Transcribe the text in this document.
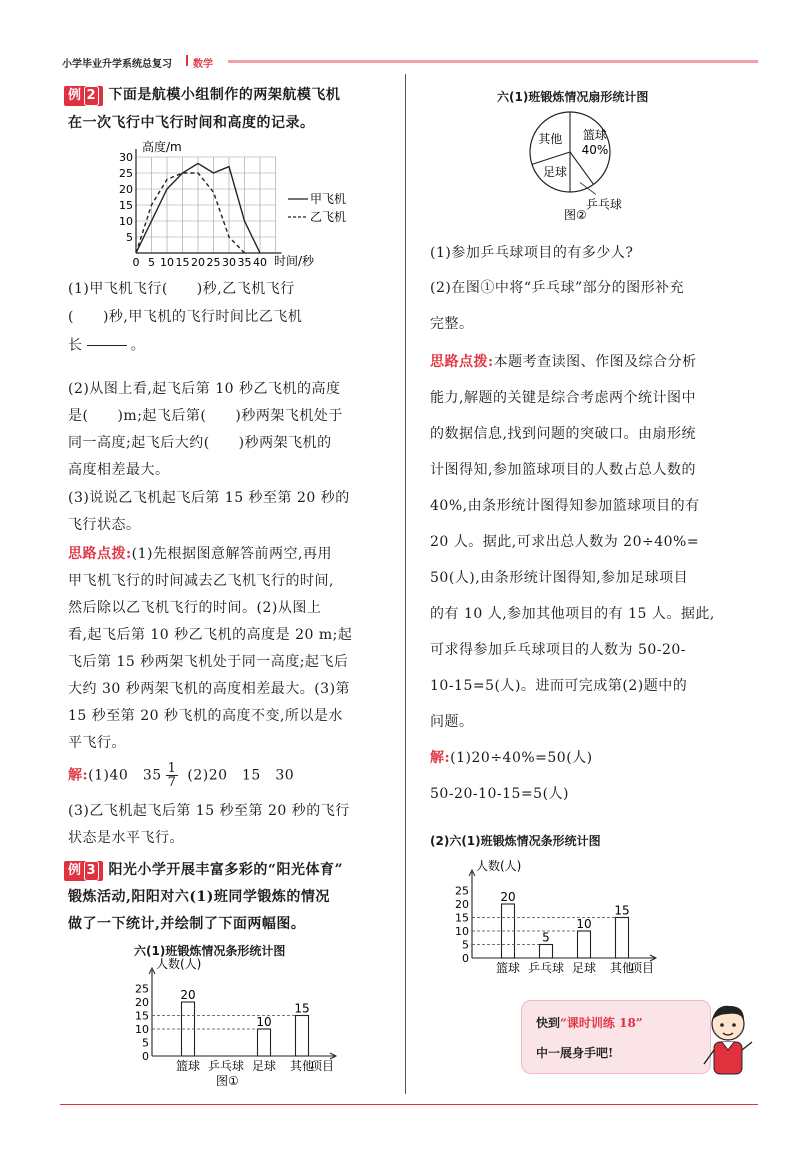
小学毕业升学系统总复习 数学
例 2 下面是航模小组制作的两架航模飞机
在一次飞行中飞行时间和高度的记录。
高度/m
时间/秒
5
10
15
20
25
30
0 5 10 15 20 25 30 35 40
甲飞机
乙飞机
(1)甲飞机飞行(　　)秒,乙飞机飞行
(　　)秒,甲飞机的飞行时间比乙飞机
长

　　	。
(2)从图上看,起飞后第 10 秒乙飞机的高度
是(　　)m;起飞后第(　　)秒两架飞机处于
同一高度;起飞后大约(　　)秒两架飞机的
高度相差最大。
(3)说说乙飞机起飞后第 15 秒至第 20 秒的
飞行状态。
思路点拨:(1)先根据图意解答前两空,再用
甲飞机飞行的时间减去乙飞机飞行的时间,
然后除以乙飞机飞行的时间。(2)从图上
看,起飞后第 10 秒乙飞机的高度是 20 m;起
飞后第 15 秒两架飞机处于同一高度;起飞后
大约 30 秒两架飞机的高度相差最大。(3)第
15 秒至第 20 秒飞机的高度不变,所以是水
平飞行。
解:(1)40　$35 \frac{1}{7} (2)20$　15　30
(3)乙飞机起飞后第 15 秒至第 20 秒的飞行
状态是水平飞行。
例 3 阳光小学开展丰富多彩的“阳光体育”
锻炼活动,阳阳对六(1)班同学锻炼的情况
做了一下统计,并绘制了下面两幅图。
六(1)班锻炼情况条形统计图
人数(人)
0
5
10
15
20
25	20
篮球 乒乓球
10
足球
15
其他
项目
图①
六(1)班锻炼情况扇形统计图
篮球
40%
足球
其他
乒乓球
图②
(1)参加乒乓球项目的有多少人?
(2)在图①中将“乒乓球”部分的图形补充
完整。
思路点拨:本题考查读图、作图及综合分析
能力,解题的关键是综合考虑两个统计图中
的数据信息,找到问题的突破口。由扇形统
计图得知,参加篮球项目的人数占总人数的
40%,由条形统计图得知参加篮球项目的有
20 人。据此,可求出总人数为 20÷40%=
50(人),由条形统计图得知,参加足球项目
的有 10 人,参加其他项目的有 15 人。据此,
可求得参加乒乓球项目的人数为 50-20-
10-15=5(人)。进而可完成第(2)题中的
问题。
解:(1)20÷40%=50(人)
50-20-10-15=5(人)
(2)六(1)班锻炼情况条形统计图
人数(人)
0
5
10
15
20
25	20
篮球
5
乒乓球
10
足球
15
其他
项目
快到“课时训练 18”
中一展身手吧!
